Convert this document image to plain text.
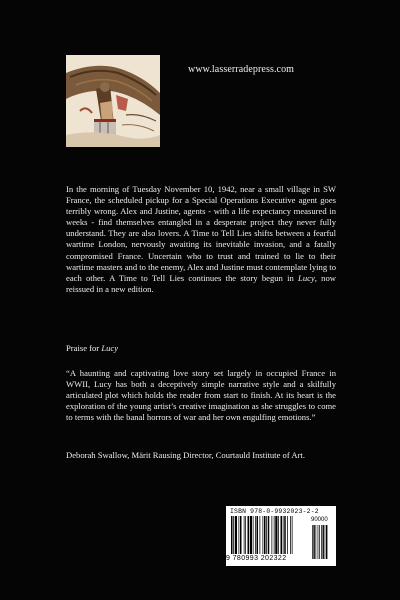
www.lasserradepress.com

In the morning of Tuesday November 10, 1942, near a small village in SW France, the scheduled pickup for a Special Operations Executive agent goes terribly wrong. Alex and Justine, agents - with a life expectancy measured in weeks - find themselves entangled in a desperate project they never fully understand. They are also lovers. A Time to Tell Lies shifts between a fearful wartime London, nervously awaiting its inevitable invasion, and a fatally compromised France. Uncertain who to trust and trained to lie to their wartime masters and to the enemy, Alex and Justine must contemplate lying to each other. A Time to Tell Lies continues the story begun in Lucy, now reissued in a new edition.

Praise for Lucy

“A haunting and captivating love story set largely in occupied France in WWII, Lucy has both a deceptively simple narrative style and a skilfully articulated plot which holds the reader from start to finish. At its heart is the exploration of the young artist’s creative imagination as she struggles to come to terms with the banal horrors of war and her own engulfing emotions.”

Deborah Swallow, Märit Rausing Director, Courtauld Institute of Art.

ISBN 978-0-9932023-2-2
90000
9 780993 202322
